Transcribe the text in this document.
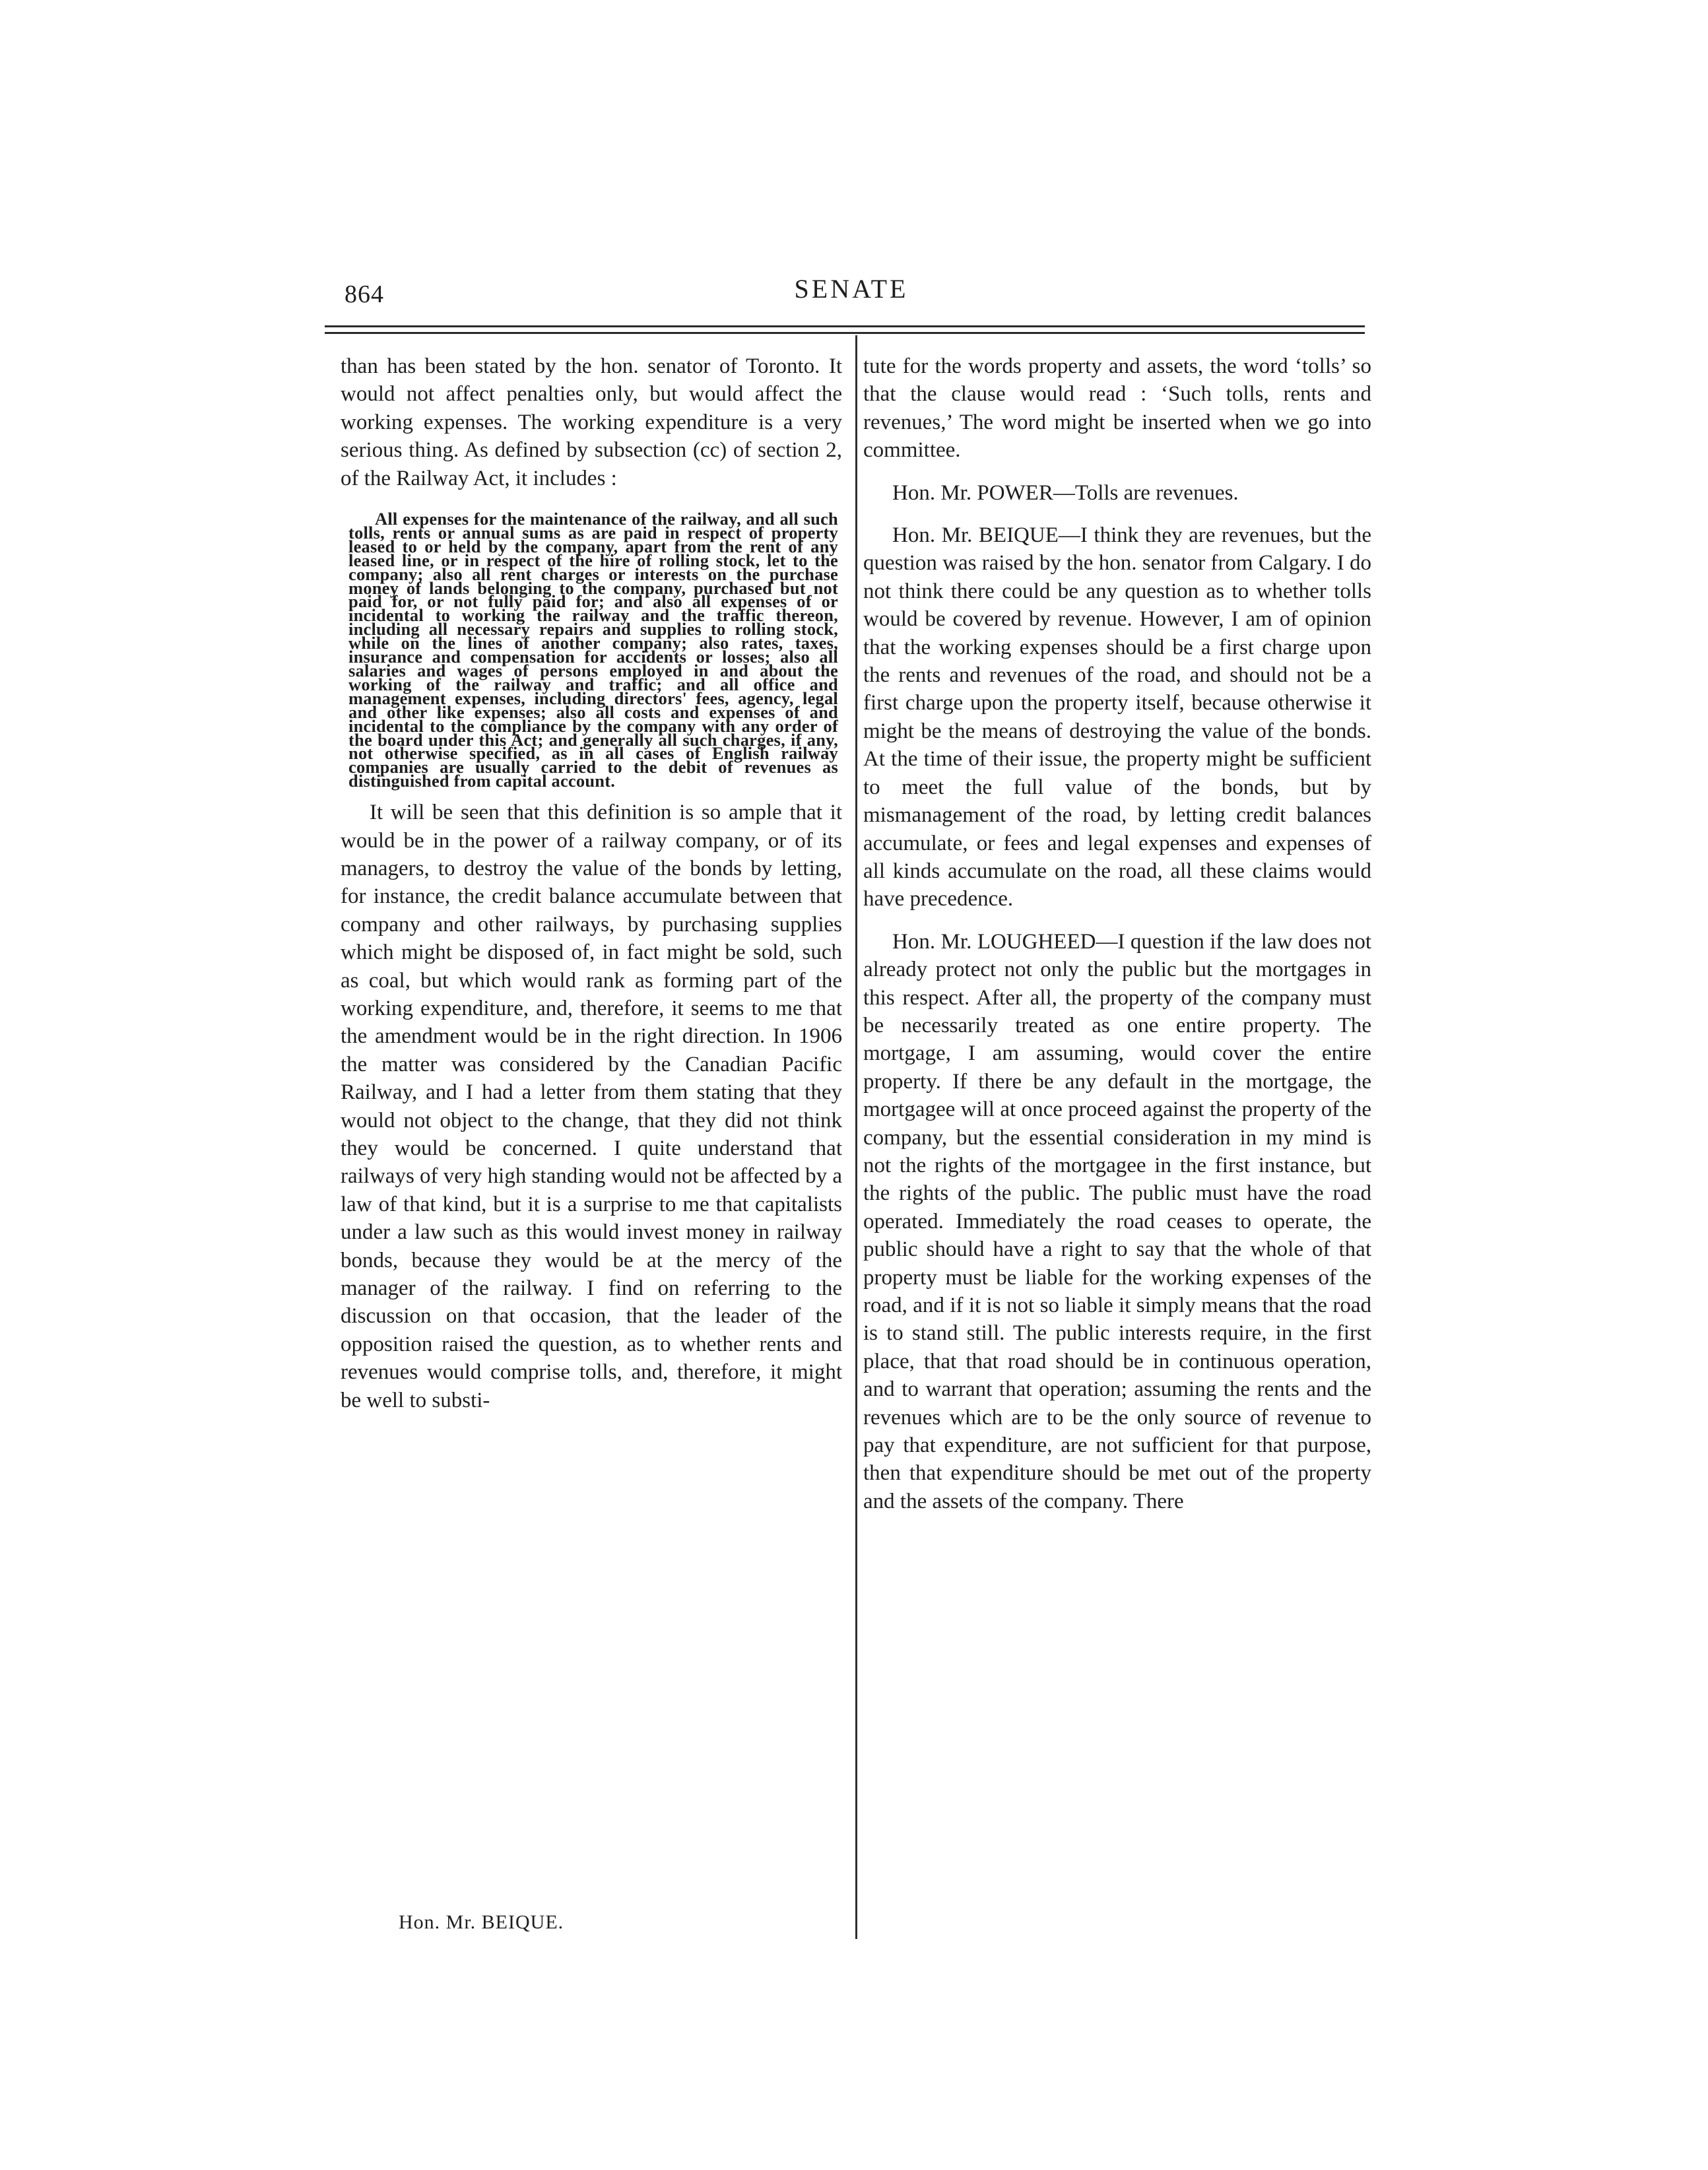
864	SENATE

than has been stated by the hon. senator of Toronto. It would not affect penalties only, but would affect the working expenses. The working expenditure is a very serious thing. As defined by subsection (cc) of section 2, of the Railway Act, it includes :

All expenses for the maintenance of the railway, and all such tolls, rents or annual sums as are paid in respect of property leased to or held by the company, apart from the rent of any leased line, or in respect of the hire of rolling stock, let to the company; also all rent charges or interests on the purchase money of lands belonging to the company, purchased but not paid for, or not fully paid for; and also all expenses of or incidental to working the railway and the traffic thereon, including all necessary repairs and supplies to rolling stock, while on the lines of another company; also rates, taxes, insurance and compensation for accidents or losses; also all salaries and wages of persons employed in and about the working of the railway and traffic; and all office and management expenses, including directors' fees, agency, legal and other like expenses; also all costs and expenses of and incidental to the compliance by the company with any order of the board under this Act; and generally all such charges, if any, not otherwise specified, as in all cases of English railway companies are usually carried to the debit of revenues as distinguished from capital account.

It will be seen that this definition is so ample that it would be in the power of a railway company, or of its managers, to destroy the value of the bonds by letting, for instance, the credit balance accumulate between that company and other railways, by purchasing supplies which might be disposed of, in fact might be sold, such as coal, but which would rank as forming part of the working expenditure, and, therefore, it seems to me that the amendment would be in the right direction. In 1906 the matter was considered by the Canadian Pacific Railway, and I had a letter from them stating that they would not object to the change, that they did not think they would be concerned. I quite understand that railways of very high standing would not be affected by a law of that kind, but it is a surprise to me that capitalists under a law such as this would invest money in railway bonds, because they would be at the mercy of the manager of the railway. I find on referring to the discussion on that occasion, that the leader of the opposition raised the question, as to whether rents and revenues would comprise tolls, and, therefore, it might be well to substi-

tute for the words property and assets, the word ‘tolls’ so that the clause would read : ‘Such tolls, rents and revenues,’ The word might be inserted when we go into committee.

Hon. Mr. POWER—Tolls are revenues.

Hon. Mr. BEIQUE—I think they are revenues, but the question was raised by the hon. senator from Calgary. I do not think there could be any question as to whether tolls would be covered by revenue. However, I am of opinion that the working expenses should be a first charge upon the rents and revenues of the road, and should not be a first charge upon the property itself, because otherwise it might be the means of destroying the value of the bonds. At the time of their issue, the property might be sufficient to meet the full value of the bonds, but by mismanagement of the road, by letting credit balances accumulate, or fees and legal expenses and expenses of all kinds accumulate on the road, all these claims would have precedence.

Hon. Mr. LOUGHEED—I question if the law does not already protect not only the public but the mortgages in this respect. After all, the property of the company must be necessarily treated as one entire property. The mortgage, I am assuming, would cover the entire property. If there be any default in the mortgage, the mortgagee will at once proceed against the property of the company, but the essential consideration in my mind is not the rights of the mortgagee in the first instance, but the rights of the public. The public must have the road operated. Immediately the road ceases to operate, the public should have a right to say that the whole of that property must be liable for the working expenses of the road, and if it is not so liable it simply means that the road is to stand still. The public interests require, in the first place, that that road should be in continuous operation, and to warrant that operation; assuming the rents and the revenues which are to be the only source of revenue to pay that expenditure, are not sufficient for that purpose, then that expenditure should be met out of the property and the assets of the company. There

Hon. Mr. BEIQUE.
